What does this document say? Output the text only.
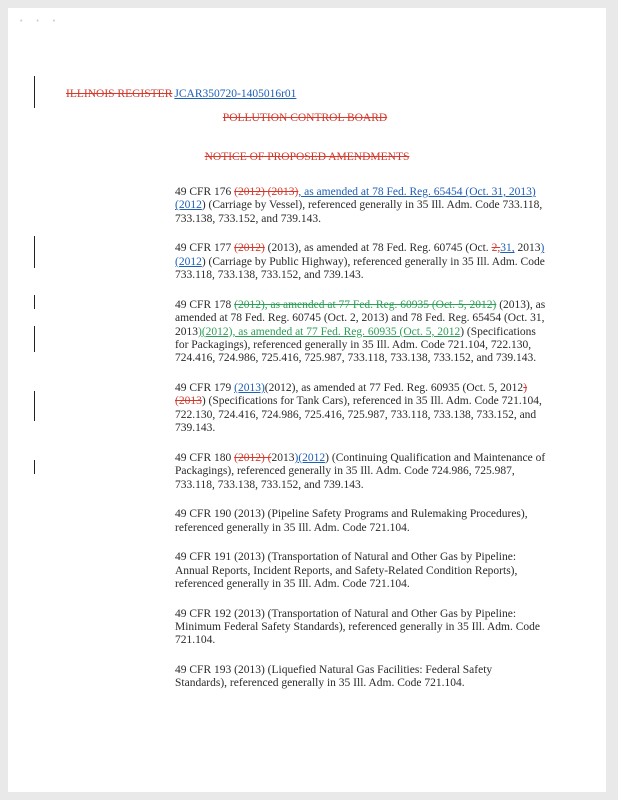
• • •
ILLINOIS REGISTER JCAR350720-1405016r01
POLLUTION CONTROL BOARD
NOTICE OF PROPOSED AMENDMENTS

49 CFR 176 (2012) (2013), as amended at 78 Fed. Reg. 65454 (Oct. 31, 2013) (2012) (Carriage by Vessel), referenced generally in 35 Ill. Adm. Code 733.118, 733.138, 733.152, and 739.143.

49 CFR 177 (2012) (2013), as amended at 78 Fed. Reg. 60745 (Oct. 2,31, 2013)(2012) (Carriage by Public Highway), referenced generally in 35 Ill. Adm. Code 733.118, 733.138, 733.152, and 739.143.

49 CFR 178 (2012), as amended at 77 Fed. Reg. 60935 (Oct. 5, 2012) (2013), as amended at 78 Fed. Reg. 60745 (Oct. 2, 2013) and 78 Fed. Reg. 65454 (Oct. 31, 2013)(2012), as amended at 77 Fed. Reg. 60935 (Oct. 5, 2012) (Specifications for Packagings), referenced generally in 35 Ill. Adm. Code 721.104, 722.130, 724.416, 724.986, 725.416, 725.987, 733.118, 733.138, 733.152, and 739.143.

49 CFR 179 (2013)(2012), as amended at 77 Fed. Reg. 60935 (Oct. 5, 2012) (2013) (Specifications for Tank Cars), referenced in 35 Ill. Adm. Code 721.104, 722.130, 724.416, 724.986, 725.416, 725.987, 733.118, 733.138, 733.152, and 739.143.

49 CFR 180 (2012) (2013)(2012) (Continuing Qualification and Maintenance of Packagings), referenced generally in 35 Ill. Adm. Code 724.986, 725.987, 733.118, 733.138, 733.152, and 739.143.

49 CFR 190 (2013) (Pipeline Safety Programs and Rulemaking Procedures), referenced generally in 35 Ill. Adm. Code 721.104.

49 CFR 191 (2013) (Transportation of Natural and Other Gas by Pipeline: Annual Reports, Incident Reports, and Safety-Related Condition Reports), referenced generally in 35 Ill. Adm. Code 721.104.

49 CFR 192 (2013) (Transportation of Natural and Other Gas by Pipeline: Minimum Federal Safety Standards), referenced generally in 35 Ill. Adm. Code 721.104.

49 CFR 193 (2013) (Liquefied Natural Gas Facilities: Federal Safety Standards), referenced generally in 35 Ill. Adm. Code 721.104.
